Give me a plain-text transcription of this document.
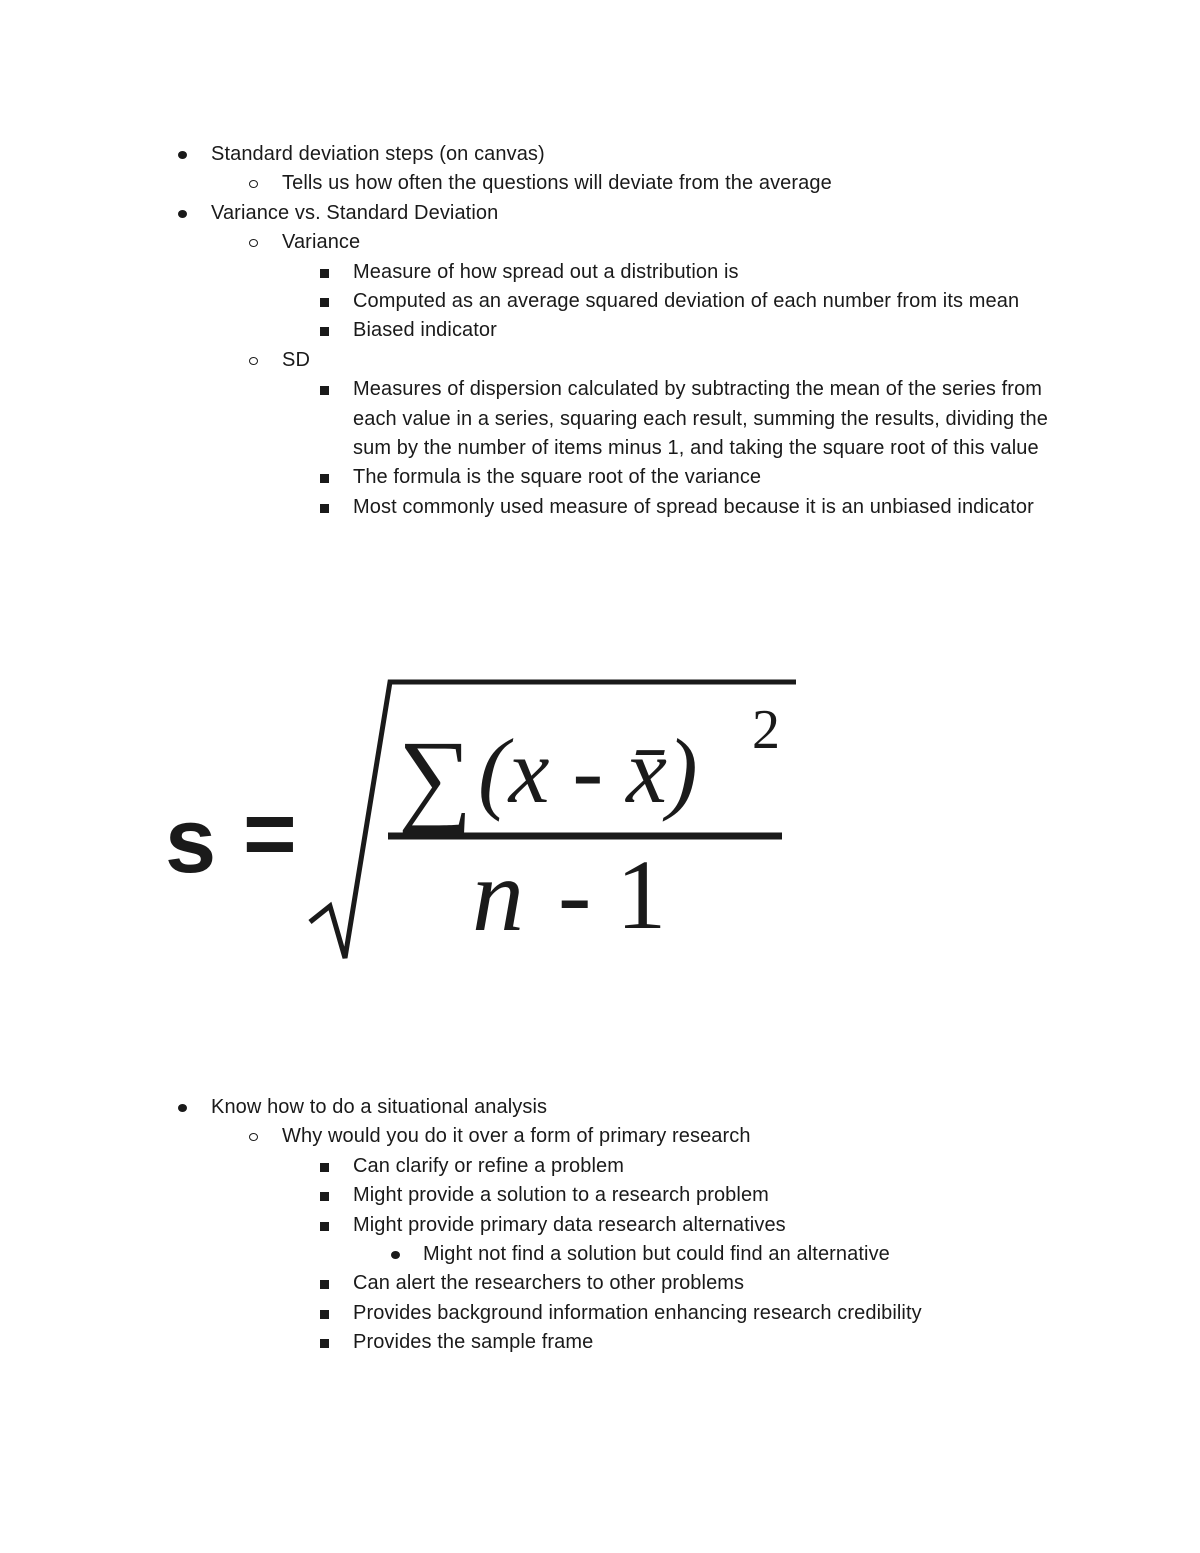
Standard deviation steps (on canvas)
Tells us how often the questions will deviate from the average
Variance vs. Standard Deviation
Variance
Measure of how spread out a distribution is
Computed as an average squared deviation of each number from its mean
Biased indicator
SD
Measures of dispersion calculated by subtracting the mean of the series from each value in a series, squaring each result, summing the results, dividing the sum by the number of items minus 1, and taking the square root of this value
The formula is the square root of the variance
Most commonly used measure of spread because it is an unbiased indicator
s = ∑ (x - x̄) 2
n - 1
Know how to do a situational analysis
Why would you do it over a form of primary research
Can clarify or refine a problem
Might provide a solution to a research problem
Might provide primary data research alternatives
Might not find a solution but could find an alternative
Can alert the researchers to other problems
Provides background information enhancing research credibility
Provides the sample frame
